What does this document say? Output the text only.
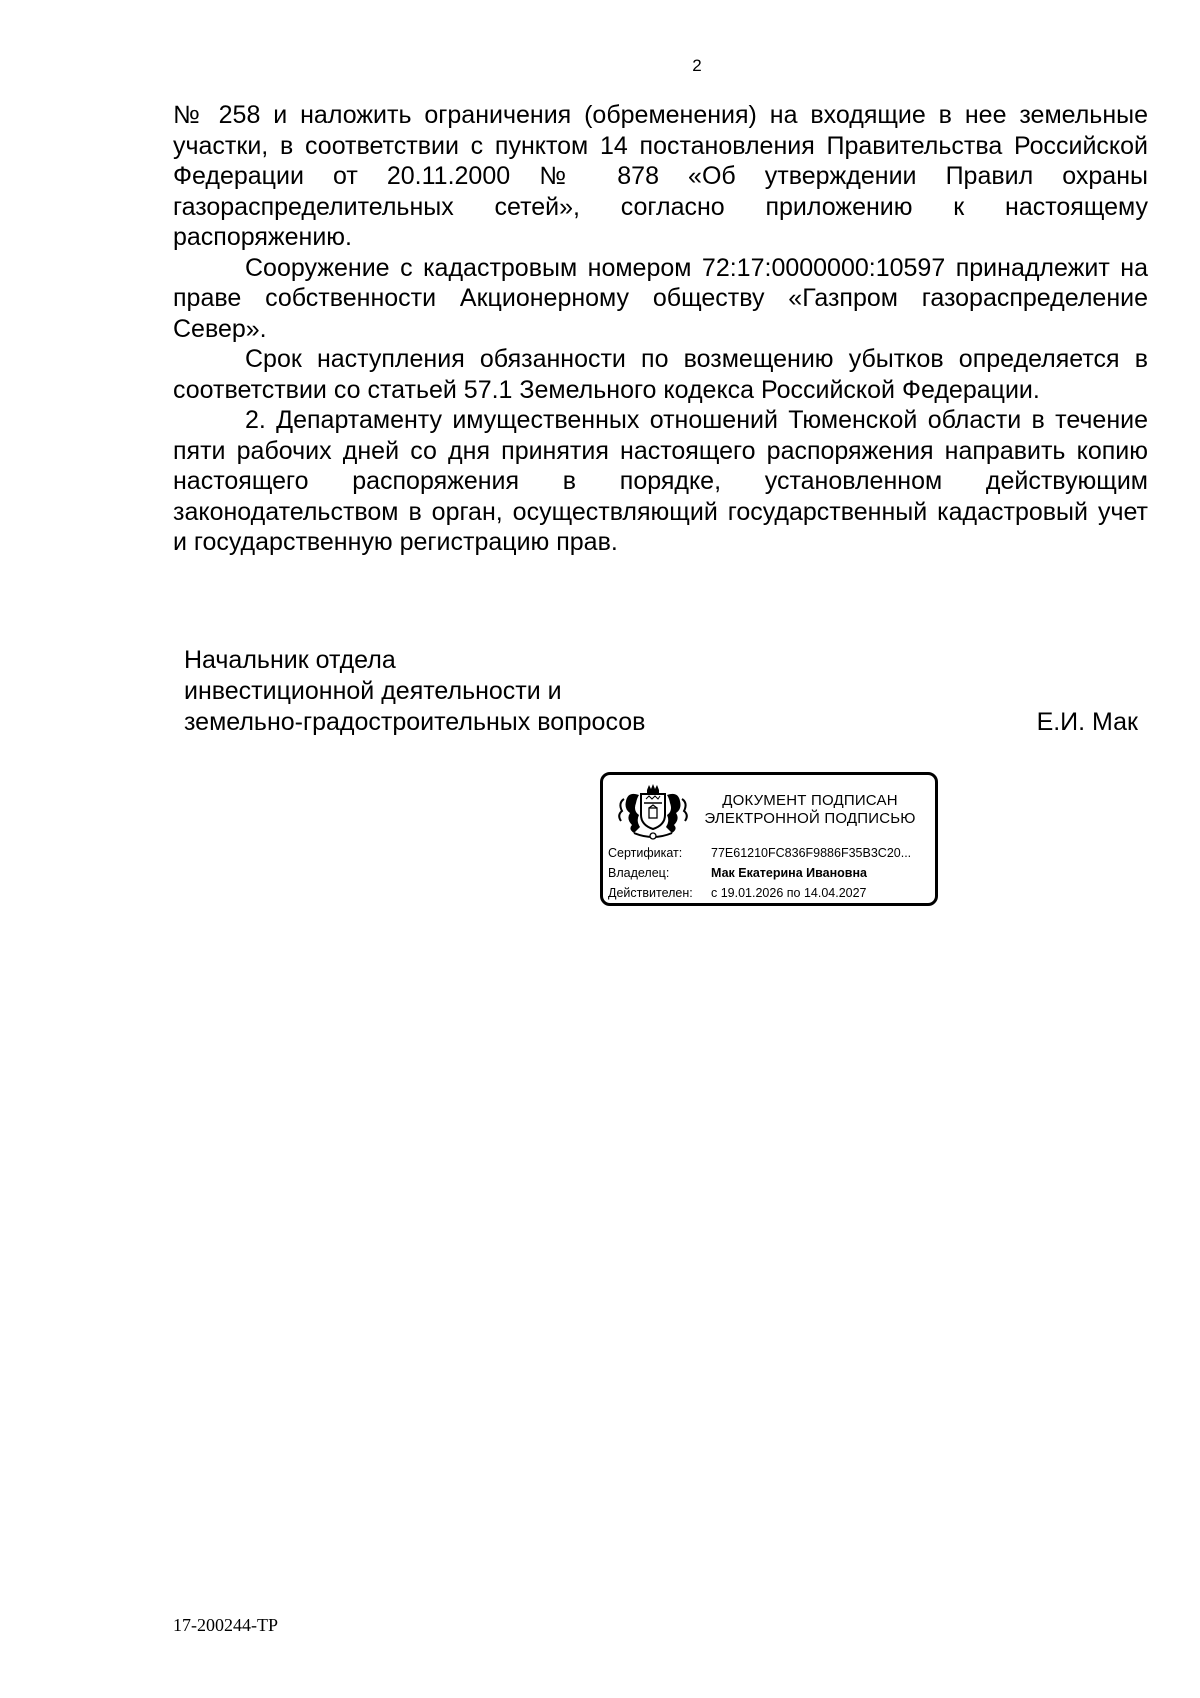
2

№ 258 и наложить ограничения (обременения) на входящие в нее земельные участки, в соответствии с пунктом 14 постановления Правительства Российской Федерации от 20.11.2000 № 878 «Об утверждении Правил охраны газораспределительных сетей», согласно приложению к настоящему распоряжению.

Сооружение с кадастровым номером 72:17:0000000:10597 принадлежит на праве собственности Акционерному обществу «Газпром газораспределение Север».

Срок наступления обязанности по возмещению убытков определяется в соответствии со статьей 57.1 Земельного кодекса Российской Федерации.

2. Департаменту имущественных отношений Тюменской области в течение пяти рабочих дней со дня принятия настоящего распоряжения направить копию настоящего распоряжения в порядке, установленном действующим законодательством в орган, осуществляющий государственный кадастровый учет и государственную регистрацию прав.

Начальник отдела
инвестиционной деятельности и
земельно-градостроительных вопросов	Е.И. Мак
ДОКУМЕНТ ПОДПИСАН
ЭЛЕКТРОННОЙ ПОДПИСЬЮ
Сертификат: 77E61210FC836F9886F35B3C20...
Владелец:	Мак Екатерина Ивановна
Действителен: с 19.01.2026 по 14.04.2027
17-200244-ТР
